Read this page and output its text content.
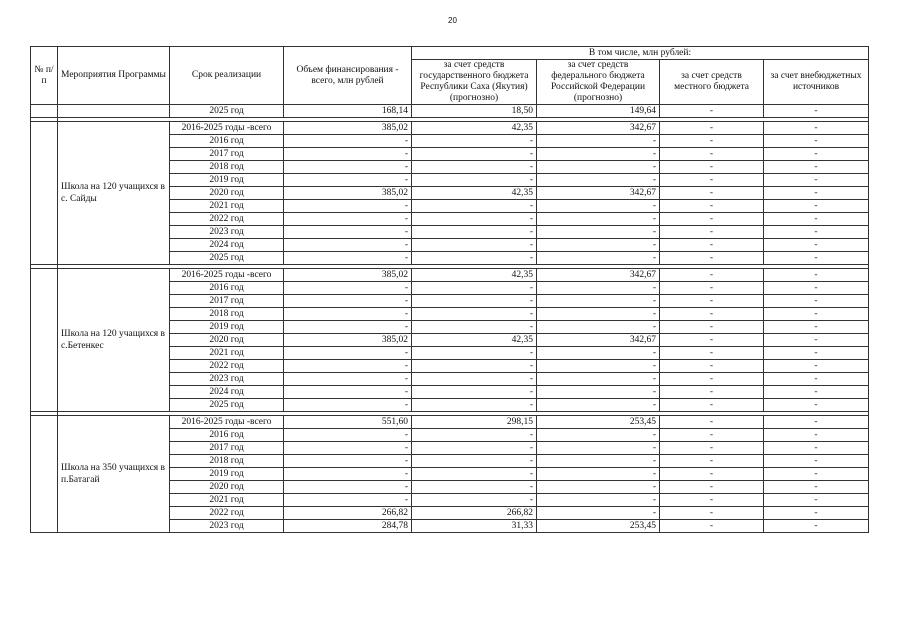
20
№ п/п	Мероприятия Программы	Срок реализации	Объем финансирования - всего, млн рублей	В том числе, млн рублей:			
				за счет средств государственного бюджета Республики Саха (Якутия) (прогнозно)	за счет средств федерального бюджета Российской Федерации (прогнозно)	за счет средств местного бюджета	за счет внебюджетных источников
		2025 год	168,14	18,50	149,64	-	-

	Школа на 120 учащихся в с. Сайды	2016-2025 годы -всего	385,02	42,35	342,67	-	-
		2016 год	-	-	-	-	-
		2017 год	-	-	-	-	-
		2018 год	-	-	-	-	-
		2019 год	-	-	-	-	-
		2020 год	385,02	42,35	342,67	-	-
		2021 год	-	-	-	-	-
		2022 год	-	-	-	-	-
		2023 год	-	-	-	-	-
		2024 год	-	-	-	-	-
		2025 год	-	-	-	-	-

	Школа на 120 учащихся в с.Бетенкес	2016-2025 годы -всего	385,02	42,35	342,67	-	-
		2016 год	-	-	-	-	-
		2017 год	-	-	-	-	-
		2018 год	-	-	-	-	-
		2019 год	-	-	-	-	-
		2020 год	385,02	42,35	342,67	-	-
		2021 год	-	-	-	-	-
		2022 год	-	-	-	-	-
		2023 год	-	-	-	-	-
		2024 год	-	-	-	-	-
		2025 год	-	-	-	-	-

	Школа на 350 учащихся в п.Батагай	2016-2025 годы -всего	551,60	298,15	253,45	-	-
		2016 год	-	-	-	-	-
		2017 год	-	-	-	-	-
		2018 год	-	-	-	-	-
		2019 год	-	-	-	-	-
		2020 год	-	-	-	-	-
		2021 год	-	-	-	-	-
		2022 год	266,82	266,82	-	-	-
		2023 год	284,78	31,33	253,45	-	-
